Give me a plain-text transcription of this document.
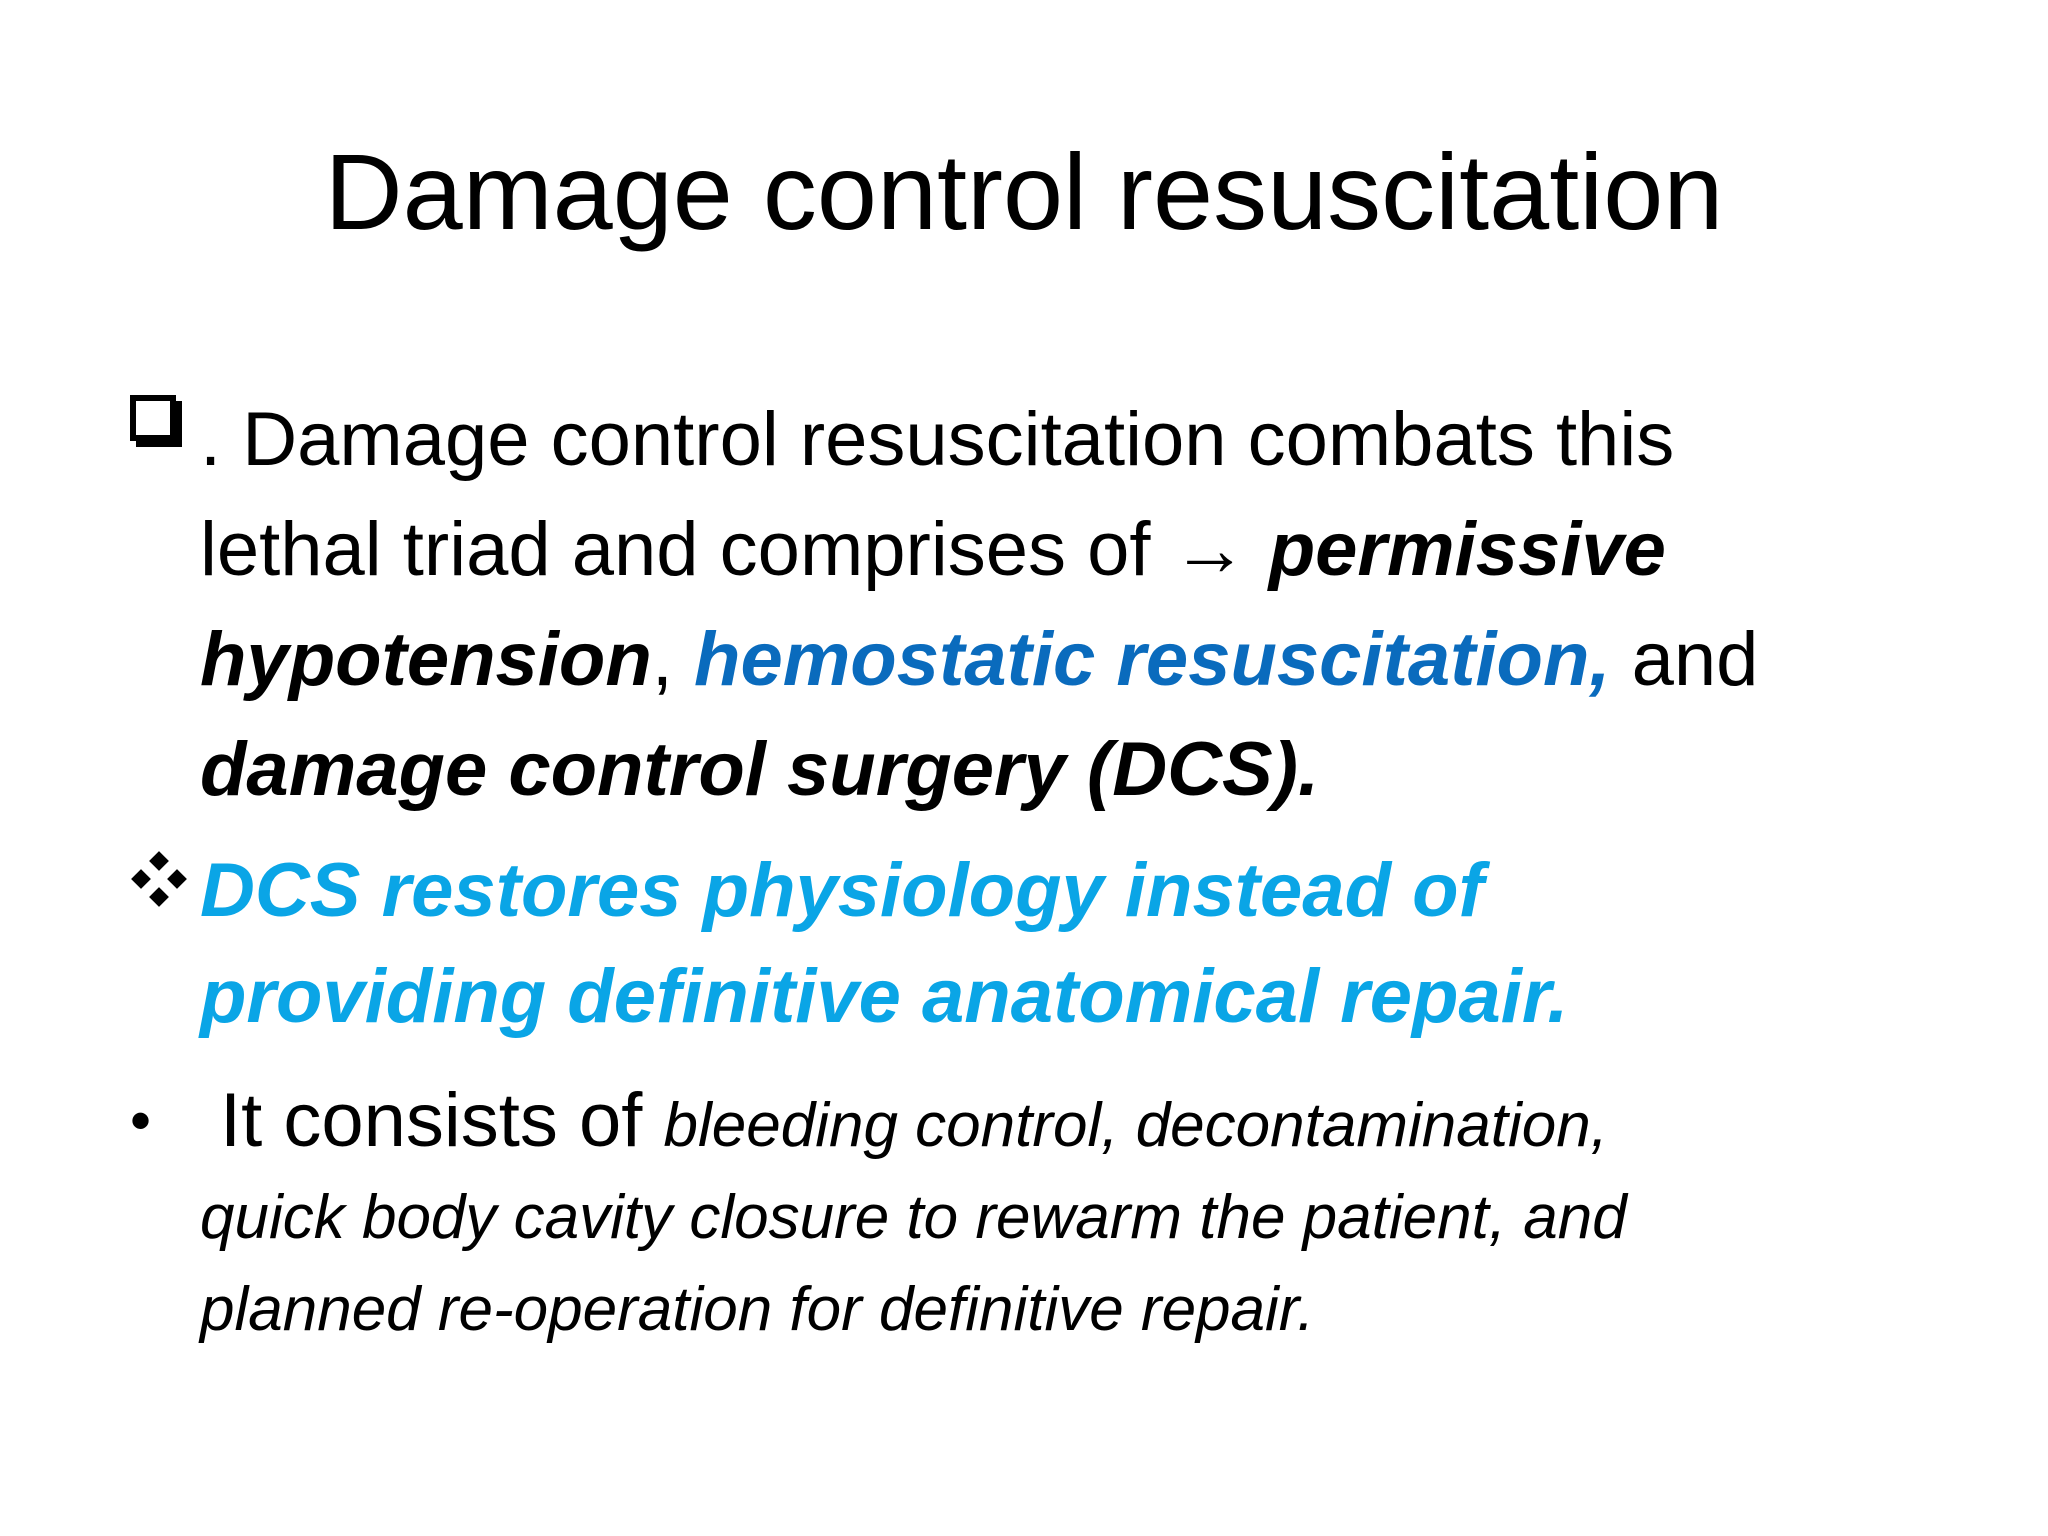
Damage control resuscitation
. Damage control resuscitation combats this lethal triad and comprises of → permissive hypotension, hemostatic resuscitation, and damage control surgery (DCS).
DCS restores physiology instead of providing definitive anatomical repair.
• It consists of bleeding control, decontamination,
quick body cavity closure to rewarm the patient, and planned re-operation for definitive repair.
